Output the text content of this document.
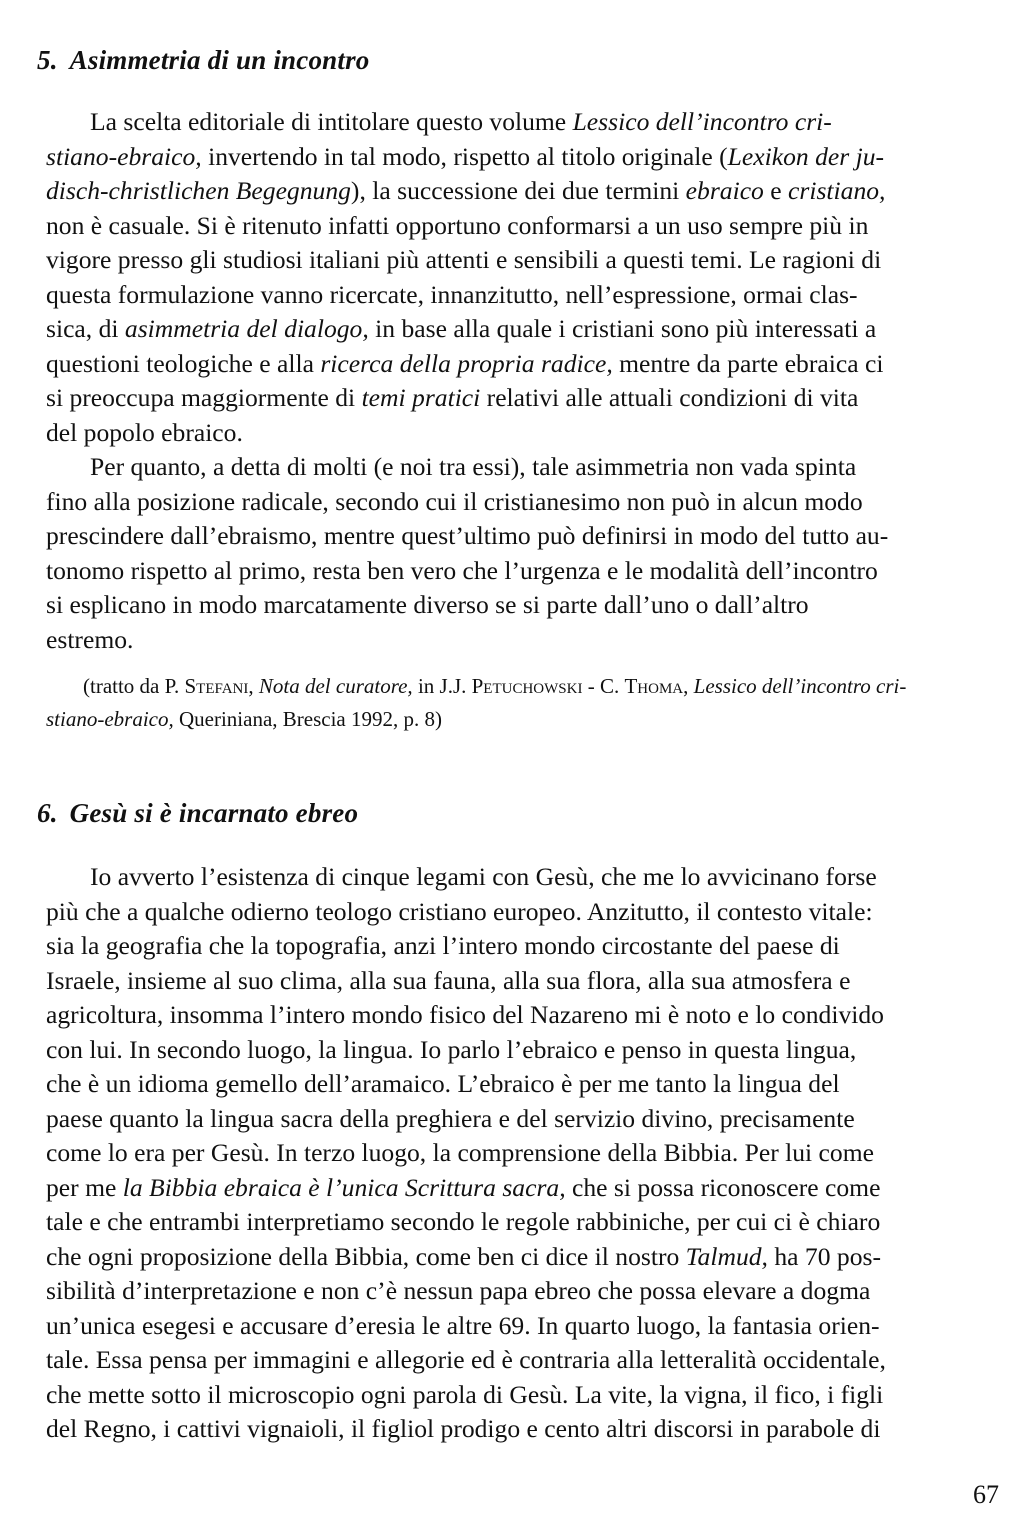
5. Asimmetria di un incontro
La scelta editoriale di intitolare questo volume Lessico dell’incontro cri-
stiano-ebraico, invertendo in tal modo, rispetto al titolo originale (Lexikon der ju-
disch-christlichen Begegnung), la successione dei due termini ebraico e cristiano,
non è casuale. Si è ritenuto infatti opportuno conformarsi a un uso sempre più in
vigore presso gli studiosi italiani più attenti e sensibili a questi temi. Le ragioni di
questa formulazione vanno ricercate, innanzitutto, nell’espressione, ormai clas-
sica, di asimmetria del dialogo, in base alla quale i cristiani sono più interessati a
questioni teologiche e alla ricerca della propria radice, mentre da parte ebraica ci
si preoccupa maggiormente di temi pratici relativi alle attuali condizioni di vita
del popolo ebraico.
Per quanto, a detta di molti (e noi tra essi), tale asimmetria non vada spinta
fino alla posizione radicale, secondo cui il cristianesimo non può in alcun modo
prescindere dall’ebraismo, mentre quest’ultimo può definirsi in modo del tutto au-
tonomo rispetto al primo, resta ben vero che l’urgenza e le modalità dell’incontro
si esplicano in modo marcatamente diverso se si parte dall’uno o dall’altro
estremo.
(tratto da P. Stefani, Nota del curatore, in J.J. Petuchowski - C. Thoma, Lessico dell’incontro cri-
stiano-ebraico, Queriniana, Brescia 1992, p. 8)
6. Gesù si è incarnato ebreo
Io avverto l’esistenza di cinque legami con Gesù, che me lo avvicinano forse
più che a qualche odierno teologo cristiano europeo. Anzitutto, il contesto vitale:
sia la geografia che la topografia, anzi l’intero mondo circostante del paese di
Israele, insieme al suo clima, alla sua fauna, alla sua flora, alla sua atmosfera e
agricoltura, insomma l’intero mondo fisico del Nazareno mi è noto e lo condivido
con lui. In secondo luogo, la lingua. Io parlo l’ebraico e penso in questa lingua,
che è un idioma gemello dell’aramaico. L’ebraico è per me tanto la lingua del
paese quanto la lingua sacra della preghiera e del servizio divino, precisamente
come lo era per Gesù. In terzo luogo, la comprensione della Bibbia. Per lui come
per me la Bibbia ebraica è l’unica Scrittura sacra, che si possa riconoscere come
tale e che entrambi interpretiamo secondo le regole rabbiniche, per cui ci è chiaro
che ogni proposizione della Bibbia, come ben ci dice il nostro Talmud, ha 70 pos-
sibilità d’interpretazione e non c’è nessun papa ebreo che possa elevare a dogma
un’unica esegesi e accusare d’eresia le altre 69. In quarto luogo, la fantasia orien-
tale. Essa pensa per immagini e allegorie ed è contraria alla letteralità occidentale,
che mette sotto il microscopio ogni parola di Gesù. La vite, la vigna, il fico, i figli
del Regno, i cattivi vignaioli, il figliol prodigo e cento altri discorsi in parabole di
67
